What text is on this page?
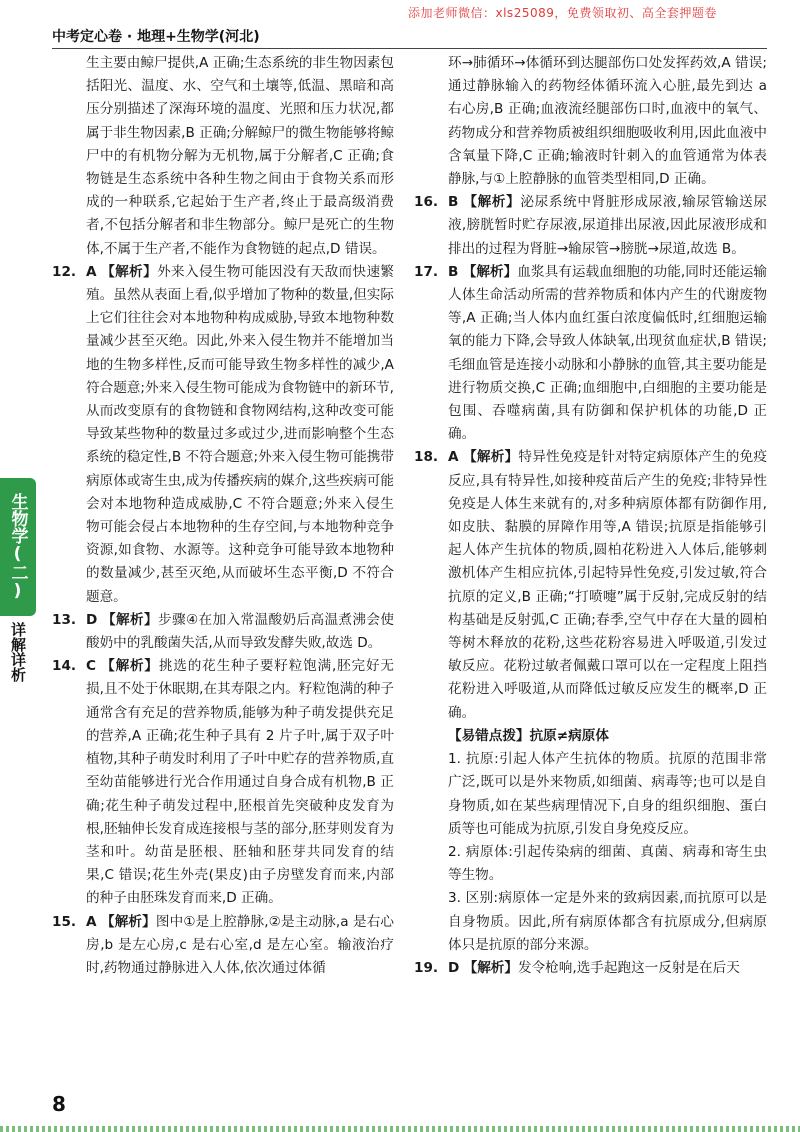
添加老师微信：xls25089，免费领取初、高全套押题卷
中考定心卷 · 地理+生物学(河北)
生物学(二)
详解详析

生主要由鲸尸提供,A 正确;生态系统的非生物因素包括阳光、温度、水、空气和土壤等,低温、黑暗和高压分别描述了深海环境的温度、光照和压力状况,都属于非生物因素,B 正确;分解鲸尸的微生物能够将鲸尸中的有机物分解为无机物,属于分解者,C 正确;食物链是生态系统中各种生物之间由于食物关系而形成的一种联系,它起始于生产者,终止于最高级消费者,不包括分解者和非生物部分。鲸尸是死亡的生物体,不属于生产者,不能作为食物链的起点,D 错误。

12. A 【解析】外来入侵生物可能因没有天敌而快速繁殖。虽然从表面上看,似乎增加了物种的数量,但实际上它们往往会对本地物种构成威胁,导致本地物种数量减少甚至灭绝。因此,外来入侵生物并不能增加当地的生物多样性,反而可能导致生物多样性的减少,A 符合题意;外来入侵生物可能成为食物链中的新环节,从而改变原有的食物链和食物网结构,这种改变可能导致某些物种的数量过多或过少,进而影响整个生态系统的稳定性,B 不符合题意;外来入侵生物可能携带病原体或寄生虫,成为传播疾病的媒介,这些疾病可能会对本地物种造成威胁,C 不符合题意;外来入侵生物可能会侵占本地物种的生存空间,与本地物种竞争资源,如食物、水源等。这种竞争可能导致本地物种的数量减少,甚至灭绝,从而破坏生态平衡,D 不符合题意。

13. D 【解析】步骤④在加入常温酸奶后高温煮沸会使酸奶中的乳酸菌失活,从而导致发酵失败,故选 D。

14. C 【解析】挑选的花生种子要籽粒饱满,胚完好无损,且不处于休眠期,在其寿限之内。籽粒饱满的种子通常含有充足的营养物质,能够为种子萌发提供充足的营养,A 正确;花生种子具有 2 片子叶,属于双子叶植物,其种子萌发时利用了子叶中贮存的营养物质,直至幼苗能够进行光合作用通过自身合成有机物,B 正确;花生种子萌发过程中,胚根首先突破种皮发育为根,胚轴伸长发育成连接根与茎的部分,胚芽则发育为茎和叶。幼苗是胚根、胚轴和胚芽共同发育的结果,C 错误;花生外壳(果皮)由子房壁发育而来,内部的种子由胚珠发育而来,D 正确。

15. A 【解析】图中①是上腔静脉,②是主动脉,a 是右心房,b 是左心房,c 是右心室,d 是左心室。输液治疗时,药物通过静脉进入人体,依次通过体循

环→肺循环→体循环到达腿部伤口处发挥药效,A 错误;通过静脉输入的药物经体循环流入心脏,最先到达 a 右心房,B 正确;血液流经腿部伤口时,血液中的氧气、药物成分和营养物质被组织细胞吸收利用,因此血液中含氧量下降,C 正确;输液时针刺入的血管通常为体表静脉,与①上腔静脉的血管类型相同,D 正确。

16. B 【解析】泌尿系统中肾脏形成尿液,输尿管输送尿液,膀胱暂时贮存尿液,尿道排出尿液,因此尿液形成和排出的过程为肾脏→输尿管→膀胱→尿道,故选 B。

17. B 【解析】血浆具有运载血细胞的功能,同时还能运输人体生命活动所需的营养物质和体内产生的代谢废物等,A 正确;当人体内血红蛋白浓度偏低时,红细胞运输氧的能力下降,会导致人体缺氧,出现贫血症状,B 错误;毛细血管是连接小动脉和小静脉的血管,其主要功能是进行物质交换,C 正确;血细胞中,白细胞的主要功能是包围、吞噬病菌,具有防御和保护机体的功能,D 正确。

18. A 【解析】特异性免疫是针对特定病原体产生的免疫反应,具有特异性,如接种疫苗后产生的免疫;非特异性免疫是人体生来就有的,对多种病原体都有防御作用,如皮肤、黏膜的屏障作用等,A 错误;抗原是指能够引起人体产生抗体的物质,圆柏花粉进入人体后,能够刺激机体产生相应抗体,引起特异性免疫,引发过敏,符合抗原的定义,B 正确;“打喷嚏”属于反射,完成反射的结构基础是反射弧,C 正确;春季,空气中存在大量的圆柏等树木释放的花粉,这些花粉容易进入呼吸道,引发过敏反应。花粉过敏者佩戴口罩可以在一定程度上阻挡花粉进入呼吸道,从而降低过敏反应发生的概率,D 正确。

【易错点拨】抗原≠病原体

1. 抗原:引起人体产生抗体的物质。抗原的范围非常广泛,既可以是外来物质,如细菌、病毒等;也可以是自身物质,如在某些病理情况下,自身的组织细胞、蛋白质等也可能成为抗原,引发自身免疫反应。

2. 病原体:引起传染病的细菌、真菌、病毒和寄生虫等生物。

3. 区别:病原体一定是外来的致病因素,而抗原可以是自身物质。因此,所有病原体都含有抗原成分,但病原体只是抗原的部分来源。

19. D 【解析】发令枪响,选手起跑这一反射是在后天

8
